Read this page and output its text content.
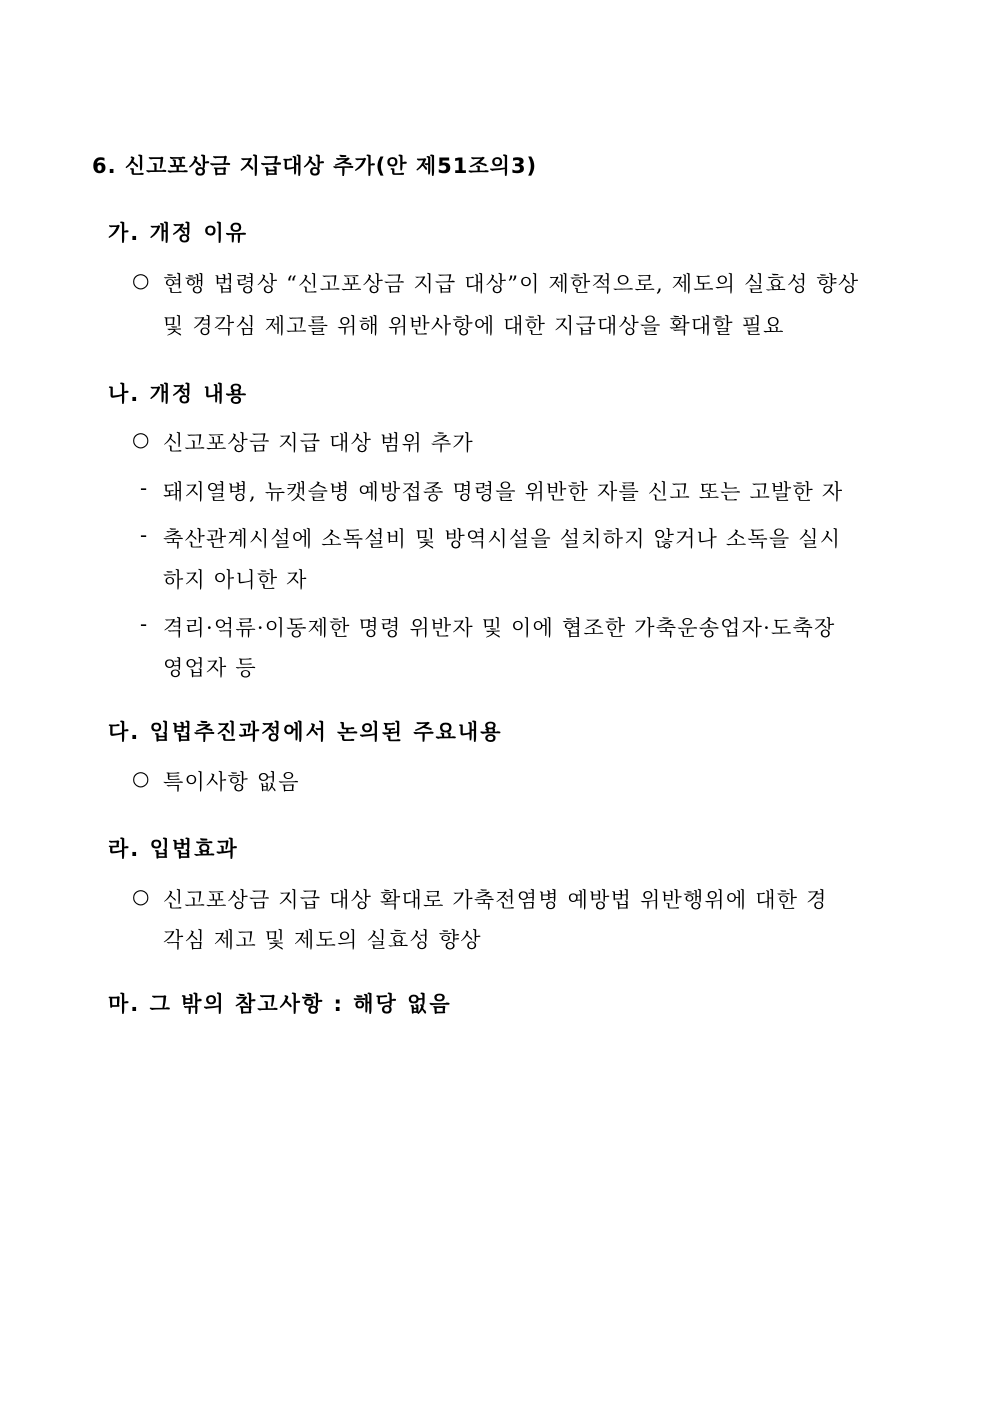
6. 신고포상금 지급대상 추가(안 제51조의3)
가. 개정 이유
○ 현행 법령상 “신고포상금 지급 대상”이 제한적으로, 제도의 실효성 향상
및 경각심 제고를 위해 위반사항에 대한 지급대상을 확대할 필요
나. 개정 내용
○ 신고포상금 지급 대상 범위 추가
- 돼지열병, 뉴캣슬병 예방접종 명령을 위반한 자를 신고 또는 고발한 자
- 축산관계시설에 소독설비 및 방역시설을 설치하지 않거나 소독을 실시
하지 아니한 자
- 격리·억류·이동제한 명령 위반자 및 이에 협조한 가축운송업자·도축장
영업자 등
다. 입법추진과정에서 논의된 주요내용
○ 특이사항 없음
라. 입법효과
○ 신고포상금 지급 대상 확대로 가축전염병 예방법 위반행위에 대한 경
각심 제고 및 제도의 실효성 향상
마. 그 밖의 참고사항 : 해당 없음
